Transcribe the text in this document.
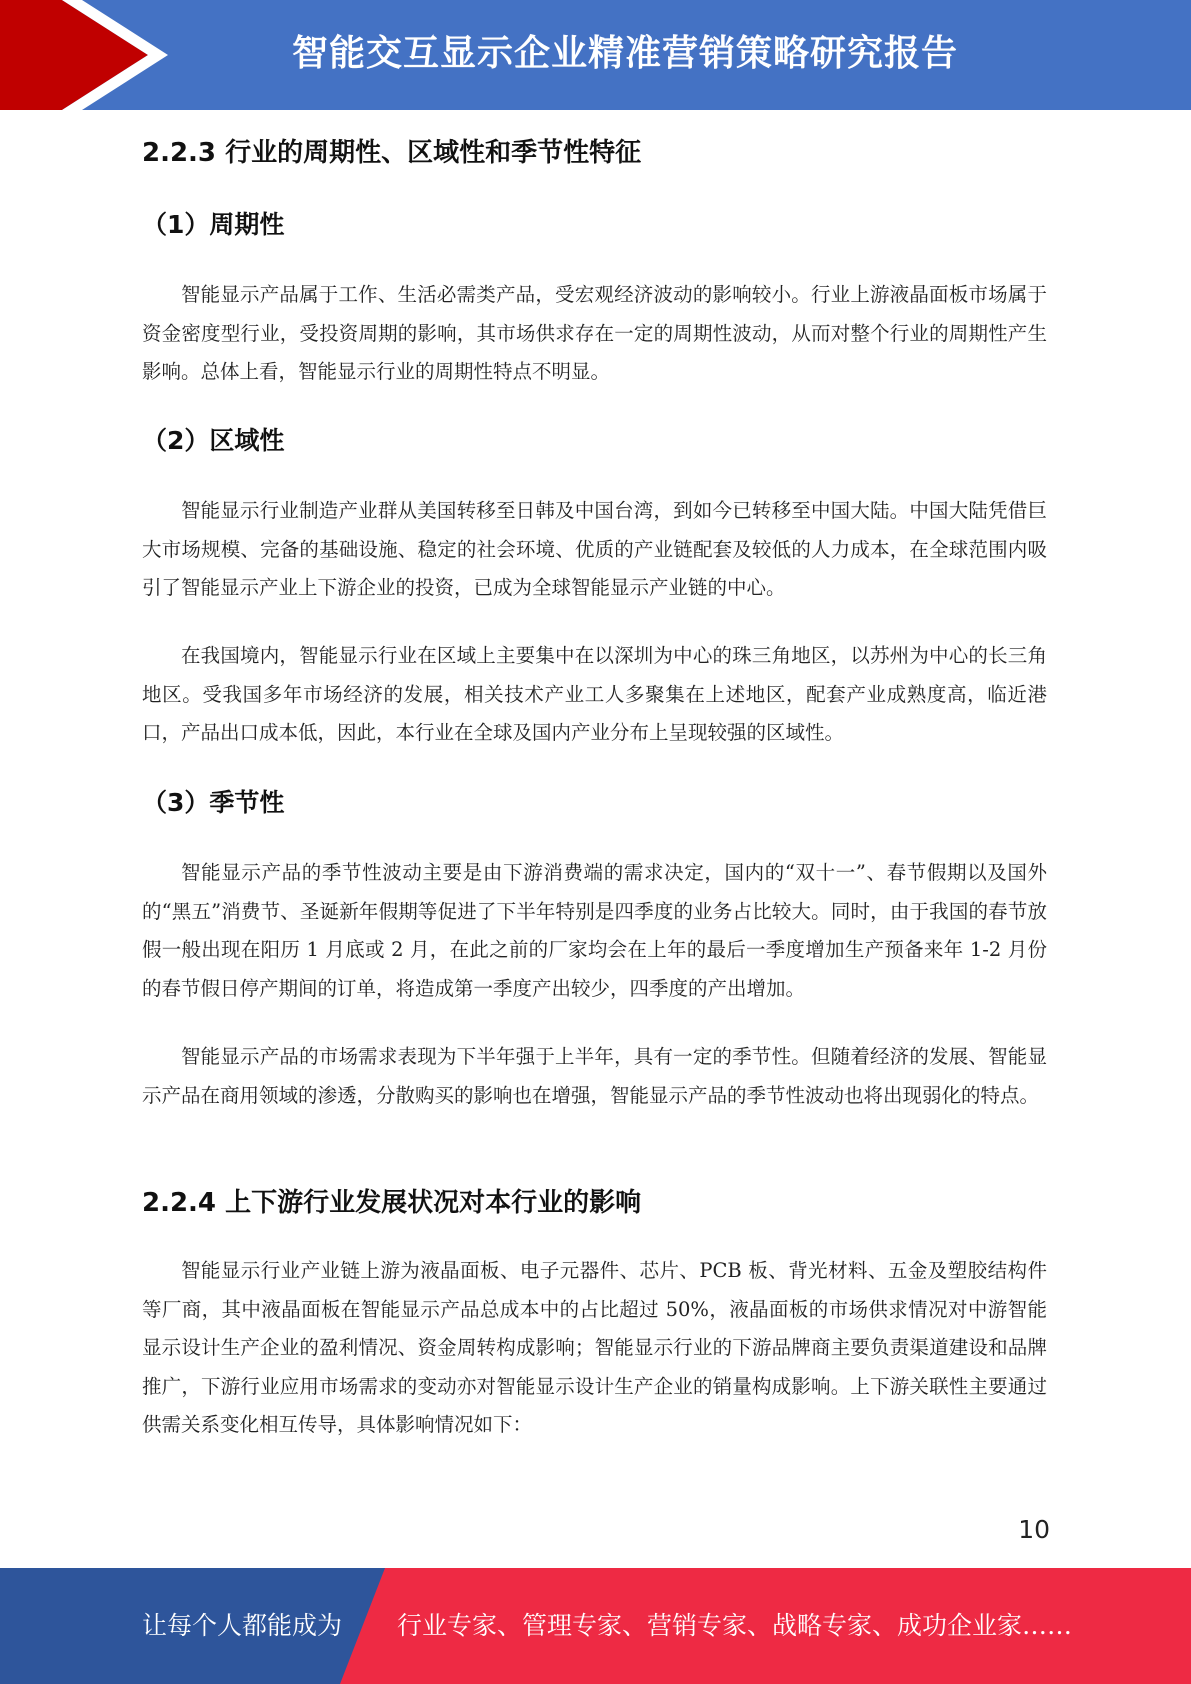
智能交互显示企业精准营销策略研究报告
2.2.3 行业的周期性、区域性和季节性特征
（1）周期性
智能显示产品属于工作、生活必需类产品，受宏观经济波动的影响较小。行业上游液晶面板市场属于资金密度型行业，受投资周期的影响，其市场供求存在一定的周期性波动，从而对整个行业的周期性产生影响。总体上看，智能显示行业的周期性特点不明显。
（2）区域性
智能显示行业制造产业群从美国转移至日韩及中国台湾，到如今已转移至中国大陆。中国大陆凭借巨大市场规模、完备的基础设施、稳定的社会环境、优质的产业链配套及较低的人力成本，在全球范围内吸引了智能显示产业上下游企业的投资，已成为全球智能显示产业链的中心。
在我国境内，智能显示行业在区域上主要集中在以深圳为中心的珠三角地区，以苏州为中心的长三角地区。受我国多年市场经济的发展，相关技术产业工人多聚集在上述地区，配套产业成熟度高，临近港口，产品出口成本低，因此，本行业在全球及国内产业分布上呈现较强的区域性。
（3）季节性
智能显示产品的季节性波动主要是由下游消费端的需求决定，国内的“双十一”、春节假期以及国外的“黑五”消费节、圣诞新年假期等促进了下半年特别是四季度的业务占比较大。同时，由于我国的春节放假一般出现在阳历 1 月底或 2 月，在此之前的厂家均会在上年的最后一季度增加生产预备来年 1-2 月份的春节假日停产期间的订单，将造成第一季度产出较少，四季度的产出增加。
智能显示产品的市场需求表现为下半年强于上半年，具有一定的季节性。但随着经济的发展、智能显示产品在商用领域的渗透，分散购买的影响也在增强，智能显示产品的季节性波动也将出现弱化的特点。
2.2.4 上下游行业发展状况对本行业的影响
智能显示行业产业链上游为液晶面板、电子元器件、芯片、PCB 板、背光材料、五金及塑胶结构件等厂商，其中液晶面板在智能显示产品总成本中的占比超过 50%，液晶面板的市场供求情况对中游智能显示设计生产企业的盈利情况、资金周转构成影响；智能显示行业的下游品牌商主要负责渠道建设和品牌推广，下游行业应用市场需求的变动亦对智能显示设计生产企业的销量构成影响。上下游关联性主要通过供需关系变化相互传导，具体影响情况如下：
10
让每个人都能成为 行业专家、管理专家、营销专家、战略专家、成功企业家……
